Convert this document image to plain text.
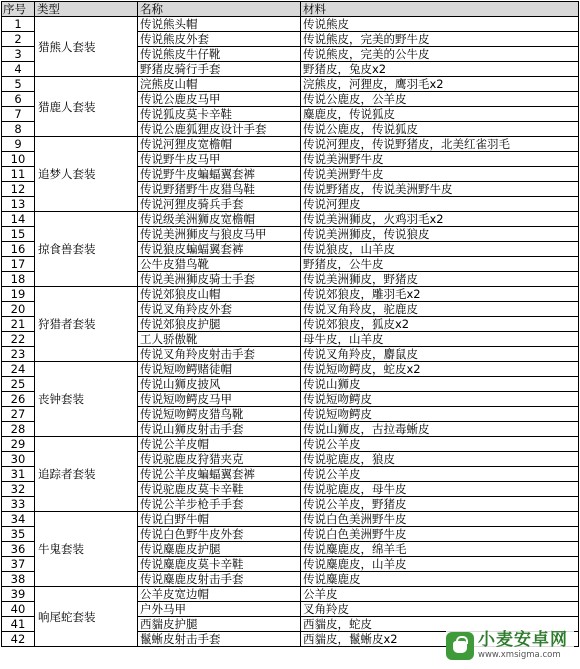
序号	类型	名称	材料
1	猎熊人套装	传说熊头帽	传说熊皮
2		传说熊皮外套	传说熊皮，完美的野牛皮
3		传说熊皮牛仔靴	传说熊皮，完美的公牛皮
4		野猪皮骑行手套	野猪皮，兔皮x2
5	猎鹿人套装	浣熊皮山帽	浣熊皮，河狸皮，鹰羽毛x2
6		传说公鹿皮马甲	传说公鹿皮，公羊皮
7		传说狐皮莫卡辛鞋	麋鹿皮，传说狐皮
8		传说公鹿狐狸皮设计手套	传说公鹿皮，传说狐皮
9	追梦人套装	传说河狸皮宽檐帽	传说河狸皮，传说野猪皮，北美红雀羽毛
10		传说野牛皮马甲	传说美洲野牛皮
11		传说野牛皮蝙蝠翼套裤	传说美洲野牛皮
12		传说野猪野牛皮猎鸟鞋	传说野猪皮，传说美洲野牛皮
13		传说河狸皮骑兵手套	传说河狸皮
14	掠食兽套装	传说级美洲狮皮宽檐帽	传说美洲狮皮，火鸡羽毛x2
15		传说美洲狮皮与狼皮马甲	传说美洲狮皮，传说狼皮
16		传说狼皮蝙蝠翼套裤	传说狼皮，山羊皮
17		公牛皮猎鸟靴	野猪皮，公牛皮
18		传说美洲狮皮骑士手套	传说美洲狮皮，野猪皮
19	狩猎者套装	传说郊狼皮山帽	传说郊狼皮，雕羽毛x2
20		传说叉角羚皮外套	传说叉角羚皮，驼鹿皮
21		传说郊狼皮护腿	传说郊狼皮，狐皮x2
22		工人骄傲靴	母牛皮，山羊皮
23		传说叉角羚皮射击手套	传说叉角羚皮，麝鼠皮
24	丧钟套装	传说短吻鳄赌徒帽	传说短吻鳄皮，蛇皮x2
25		传说山狮皮披风	传说山狮皮
26		传说短吻鳄皮马甲	传说短吻鳄皮
27		传说短吻鳄皮猎鸟靴	传说短吻鳄皮
28		传说山狮皮射击手套	传说山狮皮，古拉毒蜥皮
29	追踪者套装	传说公羊皮帽	传说公羊皮
30		传说驼鹿皮狩猎夹克	传说驼鹿皮，狼皮
31		传说公羊皮蝙蝠翼套裤	传说公羊皮
32		传说驼鹿皮莫卡辛鞋	传说驼鹿皮，母牛皮
33		传说公羊步枪手手套	传说公羊皮，野猪皮
34	牛鬼套装	传说白野牛帽	传说白色美洲野牛皮
35		传说白色野牛皮外套	传说白色美洲野牛皮
36		传说麋鹿皮护腿	传说麋鹿皮，绵羊毛
37		传说麋鹿皮莫卡辛鞋	传说麋鹿皮，山羊皮
38		传说麋鹿皮射击手套	传说麋鹿皮
39	响尾蛇套装	公羊皮宽边帽	公羊皮
40		户外马甲	叉角羚皮
41		西貒皮护腿	西貒皮，蛇皮
42		鬣蜥皮射击手套	西貒皮，鬣蜥皮x2	小麦安卓网
www.xmsigma.com
